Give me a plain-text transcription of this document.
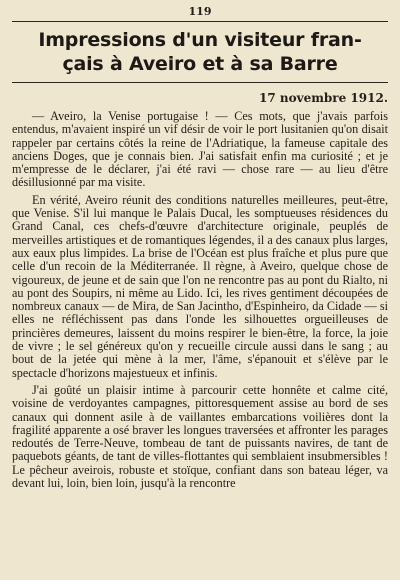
119
Impressions d'un visiteur fran-
çais à Aveiro et à sa Barre
17 novembre 1912.

— Aveiro, la Venise portugaise ! — Ces mots, que j'avais parfois entendus, m'avaient inspiré un vif désir de voir le port lusitanien qu'on disait rappeler par certains côtés la reine de l'Adriatique, la fameuse capitale des anciens Doges, que je connais bien. J'ai satisfait enfin ma curiosité ; et je m'empresse de le déclarer, j'ai été ravi — chose rare — au lieu d'être désillusionné par ma visite.

En vérité, Aveiro réunit des conditions naturelles meilleures, peut-être, que Venise. S'il lui manque le Palais Ducal, les somptueuses résidences du Grand Canal, ces chefs-d'œuvre d'architecture originale, peuplés de merveilles artistiques et de romantiques légendes, il a des canaux plus larges, aux eaux plus limpides. La brise de l'Océan est plus fraîche et plus pure que celle d'un recoin de la Méditerranée. Il règne, à Aveiro, quelque chose de vigoureux, de jeune et de sain que l'on ne rencontre pas au pont du Rialto, ni au pont des Soupirs, ni même au Lido. Ici, les rives gentiment découpées de nombreux canaux — de Mira, de San Jacintho, d'Espinheiro, da Cidade — si elles ne réfléchissent pas dans l'onde les silhouettes orgueilleuses de princières demeures, laissent du moins respirer le bien-être, la force, la joie de vivre ; le sel généreux qu'on y recueille circule aussi dans le sang ; au bout de la jetée qui mène à la mer, l'âme, s'épanouit et s'élève par le spectacle d'horizons majestueux et infinis.

J'ai goûté un plaisir intime à parcourir cette honnête et calme cité, voisine de verdoyantes campagnes, pittoresquement assise au bord de ses canaux qui donnent asile à de vaillantes embarcations voilières dont la fragilité apparente a osé braver les longues traversées et affronter les parages redoutés de Terre-Neuve, tombeau de tant de puissants navires, de tant de paquebots géants, de tant de villes-flottantes qui semblaient insubmersibles ! Le pêcheur aveirois, robuste et stoïque, confiant dans son bateau léger, va devant lui, loin, bien loin, jusqu'à la rencontre
